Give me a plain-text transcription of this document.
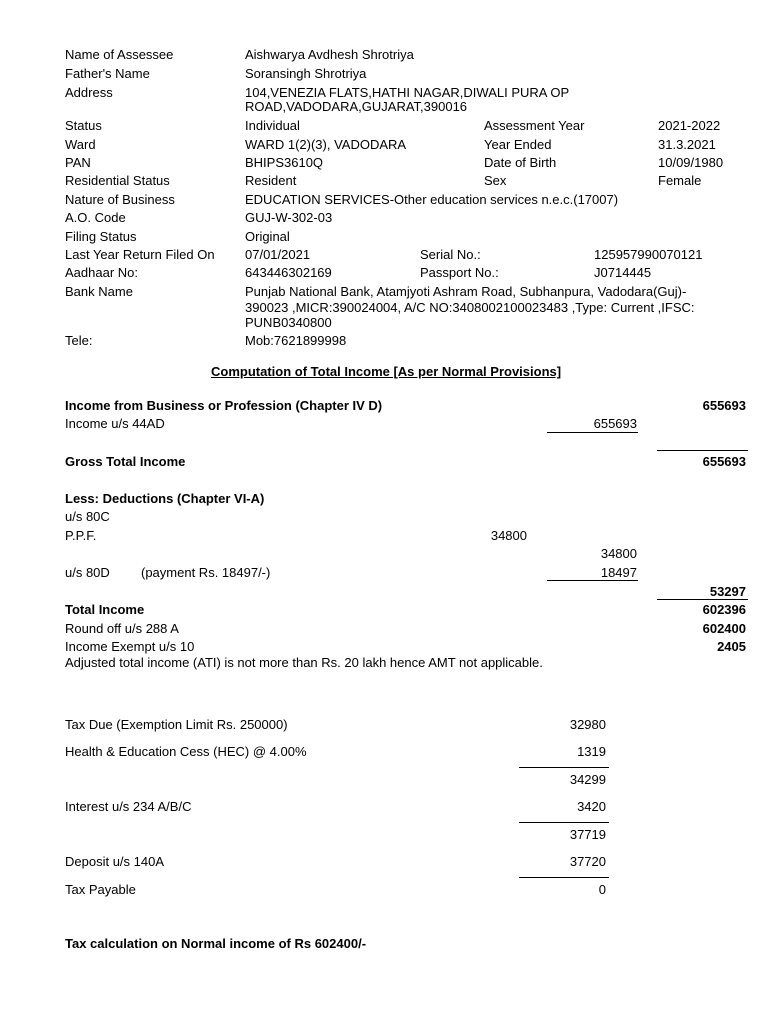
Name of Assessee	Aishwarya Avdhesh Shrotriya
Father's Name	Soransingh Shrotriya
Address	104,VENEZIA FLATS,HATHI NAGAR,DIWALI PURA OP
ROAD,VADODARA,GUJARAT,390016
Status	Individual	Assessment Year	2021-2022
Ward	WARD 1(2)(3), VADODARA	Year Ended	31.3.2021
PAN	BHIPS3610Q	Date of Birth	10/09/1980
Residential Status	Resident	Sex	Female
Nature of Business	EDUCATION SERVICES-Other education services n.e.c.(17007)
A.O. Code	GUJ-W-302-03
Filing Status	Original
Last Year Return Filed On 07/01/2021	Serial No.:	125957990070121
Aadhaar No:	643446302169	Passport No.:	J0714445
Bank Name	Punjab National Bank, Atamjyoti Ashram Road, Subhanpura, Vadodara(Guj)-
390023 ,MICR:390024004, A/C NO:3408002100023483 ,Type: Current ,IFSC:
PUNB0340800
Tele:	Mob:7621899998
Computation of Total Income [As per Normal Provisions]
Income from Business or Profession (Chapter IV D)	655693
Income u/s 44AD	655693
Gross Total Income	655693
Less: Deductions (Chapter VI-A)
u/s 80C
P.P.F.	34800
34800
u/s 80D (payment Rs. 18497/-)	18497
53297
Total Income	602396
Round off u/s 288 A	602400
Income Exempt u/s 10	2405
Adjusted total income (ATI) is not more than Rs. 20 lakh hence AMT not applicable.
Tax Due (Exemption Limit Rs. 250000)	32980
Health & Education Cess (HEC) @ 4.00%	1319
34299
Interest u/s 234 A/B/C	3420
37719
Deposit u/s 140A	37720
Tax Payable	0
Tax calculation on Normal income of Rs 602400/-
